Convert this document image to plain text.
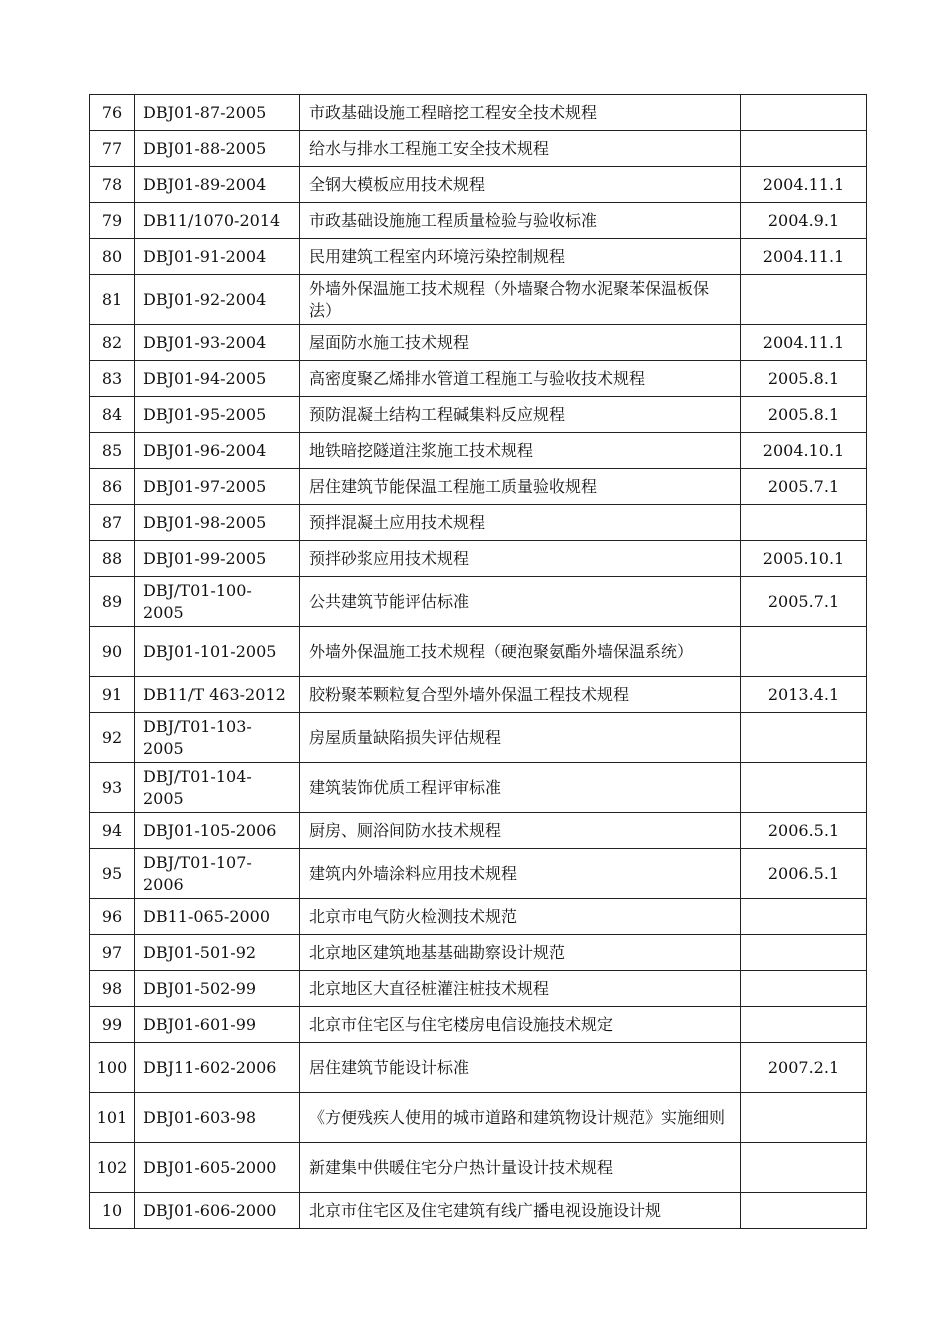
76	DBJ01-87-2005	市政基础设施工程暗挖工程安全技术规程	
77	DBJ01-88-2005	给水与排水工程施工安全技术规程	
78	DBJ01-89-2004	全钢大模板应用技术规程	2004.11.1
79	DB11/1070-2014	市政基础设施施工程质量检验与验收标准	2004.9.1
80	DBJ01-91-2004	民用建筑工程室内环境污染控制规程	2004.11.1
81	DBJ01-92-2004	外墙外保温施工技术规程（外墙聚合物水泥聚苯保温板保法）	
82	DBJ01-93-2004	屋面防水施工技术规程	2004.11.1
83	DBJ01-94-2005	高密度聚乙烯排水管道工程施工与验收技术规程	2005.8.1
84	DBJ01-95-2005	预防混凝土结构工程碱集料反应规程	2005.8.1
85	DBJ01-96-2004	地铁暗挖隧道注浆施工技术规程	2004.10.1
86	DBJ01-97-2005	居住建筑节能保温工程施工质量验收规程	2005.7.1
87	DBJ01-98-2005	预拌混凝土应用技术规程	
88	DBJ01-99-2005	预拌砂浆应用技术规程	2005.10.1
89	DBJ/T01-100-2005	公共建筑节能评估标准	2005.7.1
90	DBJ01-101-2005	外墙外保温施工技术规程（硬泡聚氨酯外墙保温系统）	
91	DB11/T 463-2012	胶粉聚苯颗粒复合型外墙外保温工程技术规程	2013.4.1
92	DBJ/T01-103-2005	房屋质量缺陷损失评估规程	
93	DBJ/T01-104-2005	建筑装饰优质工程评审标准	
94	DBJ01-105-2006	厨房、厕浴间防水技术规程	2006.5.1
95	DBJ/T01-107-2006	建筑内外墙涂料应用技术规程	2006.5.1
96	DB11-065-2000	北京市电气防火检测技术规范	
97	DBJ01-501-92	北京地区建筑地基基础勘察设计规范	
98	DBJ01-502-99	北京地区大直径桩灌注桩技术规程	
99	DBJ01-601-99	北京市住宅区与住宅楼房电信设施技术规定	
100	DBJ11-602-2006	居住建筑节能设计标准	2007.2.1
101	DBJ01-603-98	《方便残疾人使用的城市道路和建筑物设计规范》实施细则	
102	DBJ01-605-2000	新建集中供暖住宅分户热计量设计技术规程	
10	DBJ01-606-2000	北京市住宅区及住宅建筑有线广播电视设施设计规	
